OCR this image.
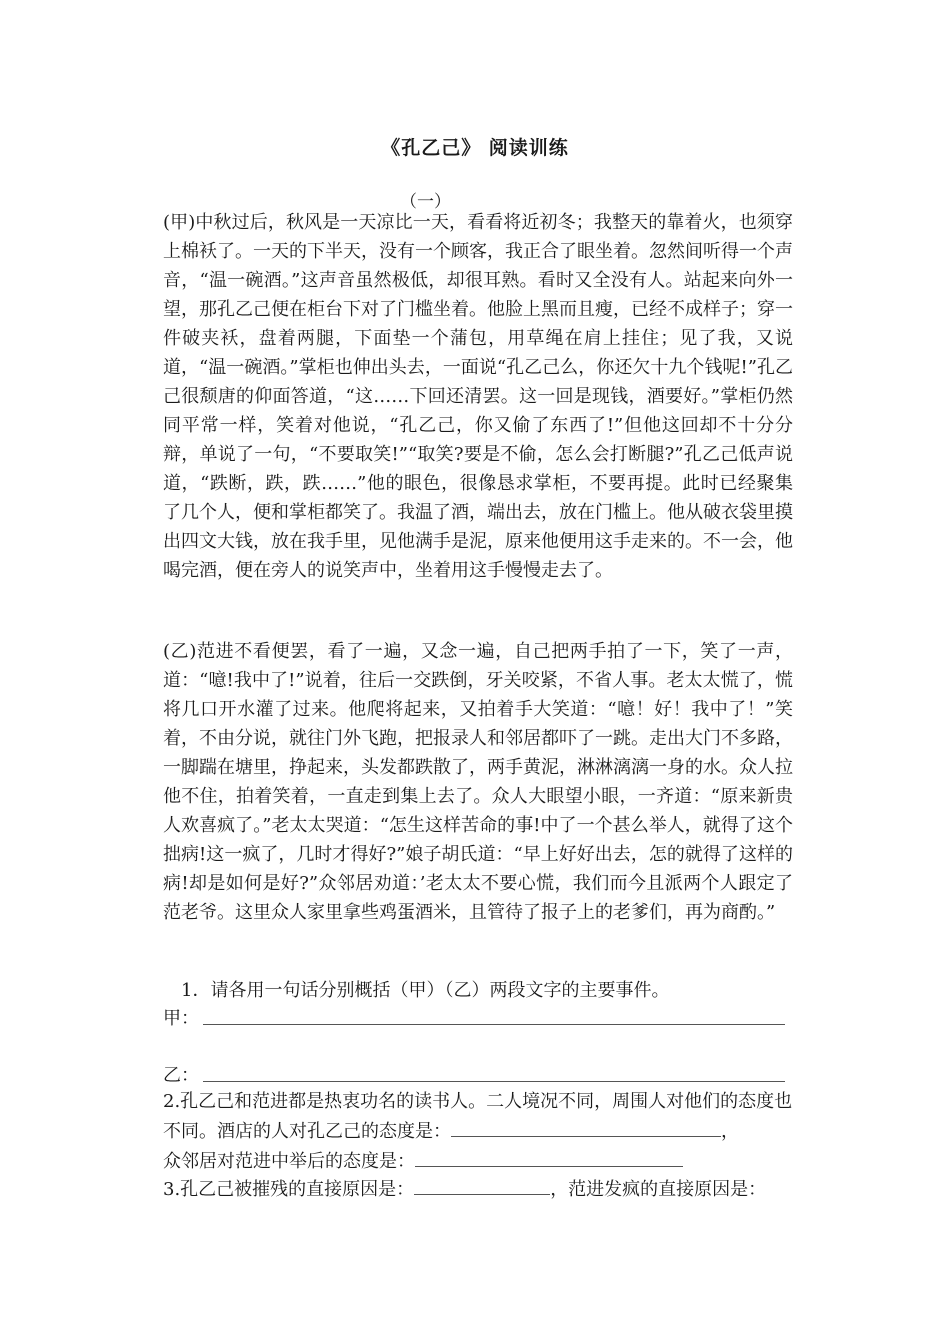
《孔乙己》 阅读训练
（一）

(甲)中秋过后，秋风是一天凉比一天，看看将近初冬；我整天的靠着火，也须穿上棉袄了。一天的下半天，没有一个顾客，我正合了眼坐着。忽然间听得一个声音，“温一碗酒。”这声音虽然极低，却很耳熟。看时又全没有人。站起来向外一望，那孔乙己便在柜台下对了门槛坐着。他脸上黑而且瘦，已经不成样子；穿一件破夹袄，盘着两腿，下面垫一个蒲包，用草绳在肩上挂住；见了我，又说道，“温一碗酒。”掌柜也伸出头去，一面说“孔乙己么，你还欠十九个钱呢!”孔乙己很颓唐的仰面答道，“这……下回还清罢。这一回是现钱，酒要好。”掌柜仍然同平常一样，笑着对他说，“孔乙己，你又偷了东西了!”但他这回却不十分分辩，单说了一句，“不要取笑!”“取笑?要是不偷，怎么会打断腿?”孔乙己低声说道，“跌断，跌，跌……”他的眼色，很像恳求掌柜，不要再提。此时已经聚集了几个人，便和掌柜都笑了。我温了酒，端出去，放在门槛上。他从破衣袋里摸出四文大钱，放在我手里，见他满手是泥，原来他便用这手走来的。不一会，他喝完酒，便在旁人的说笑声中，坐着用这手慢慢走去了。

(乙)范进不看便罢，看了一遍，又念一遍，自己把两手拍了一下，笑了一声，道：“噫!我中了!”说着，往后一交跌倒，牙关咬紧，不省人事。老太太慌了，慌将几口开水灌了过来。他爬将起来，又拍着手大笑道：“噫！好！我中了！”笑着，不由分说，就往门外飞跑，把报录人和邻居都吓了一跳。走出大门不多路，一脚踹在塘里，挣起来，头发都跌散了，两手黄泥，淋淋漓漓一身的水。众人拉他不住，拍着笑着，一直走到集上去了。众人大眼望小眼，一齐道：“原来新贵人欢喜疯了。”老太太哭道：“怎生这样苦命的事!中了一个甚么举人，就得了这个拙病!这一疯了，几时才得好?”娘子胡氏道：“早上好好出去，怎的就得了这样的病!却是如何是好?”众邻居劝道：’老太太不要心慌，我们而今且派两个人跟定了范老爷。这里众人家里拿些鸡蛋酒米，且管待了报子上的老爹们，再为商酌。”

1．请各用一句话分别概括（甲）（乙）两段文字的主要事件。

甲：
乙：

2.孔乙己和范进都是热衷功名的读书人。二人境况不同，周围人对他们的态度也不同。酒店的人对孔乙己的态度是：	，
众邻居对范进中举后的态度是：

3.孔乙己被摧残的直接原因是：	，范进发疯的直接原因是：
